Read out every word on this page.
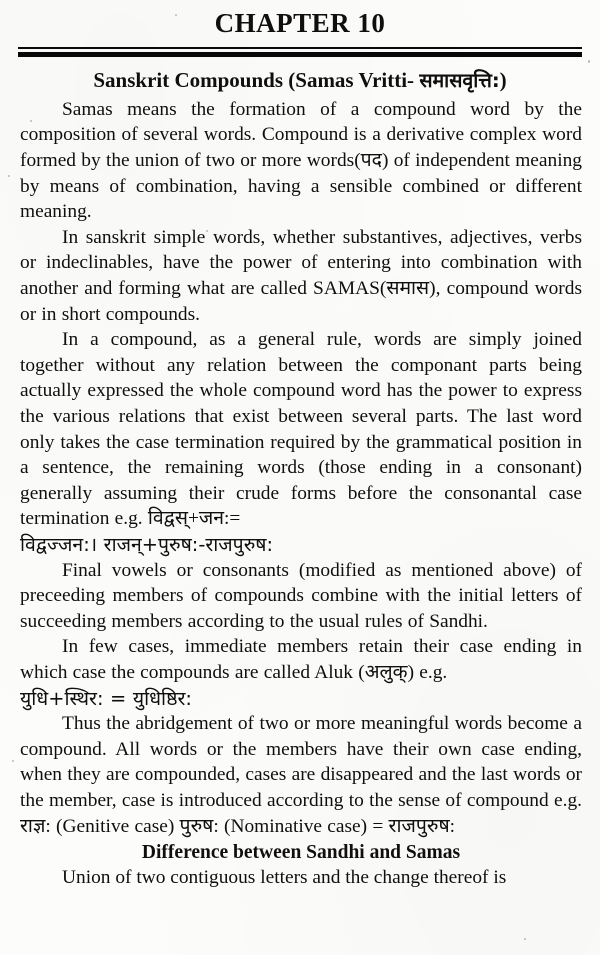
CHAPTER 10
Sanskrit Compounds (Samas Vritti- समासवृत्ति:)

Samas means the formation of a compound word by the composition of several words. Compound is a derivative complex word formed by the union of two or more words(पद) of independent meaning by means of combination, having a sensible combined or different meaning.

In sanskrit simple words, whether substantives, adjectives, verbs or indeclinables, have the power of entering into combination with another and forming what are called SAMAS(समास), compound words or in short compounds.

In a compound, as a general rule, words are simply joined together without any relation between the componant parts being actually expressed the whole compound word has the power to express the various relations that exist between several parts. The last word only takes the case termination required by the grammatical position in a sentence, the remaining words (those ending in a consonant) generally assuming their crude forms before the consonantal case termination e.g. विद्वस्+जन:=

विद्वज्जन:। राजन्+पुरुष:-राजपुरुष:

Final vowels or consonants (modified as mentioned above) of preceeding members of compounds combine with the initial letters of succeeding members according to the usual rules of Sandhi.

In few cases, immediate members retain their case ending in which case the compounds are called Aluk (अलुक्) e.g.

युधि+स्थिर: = युधिष्ठिर:

Thus the abridgement of two or more meaningful words become a compound. All words or the members have their own case ending, when they are compounded, cases are disappeared and the last words or the member, case is introduced according to the sense of compound e.g. राज्ञ: (Genitive case) पुरुष: (Nominative case) = राजपुरुष:

Difference between Sandhi and Samas

Union of two contiguous letters and the change thereof is
